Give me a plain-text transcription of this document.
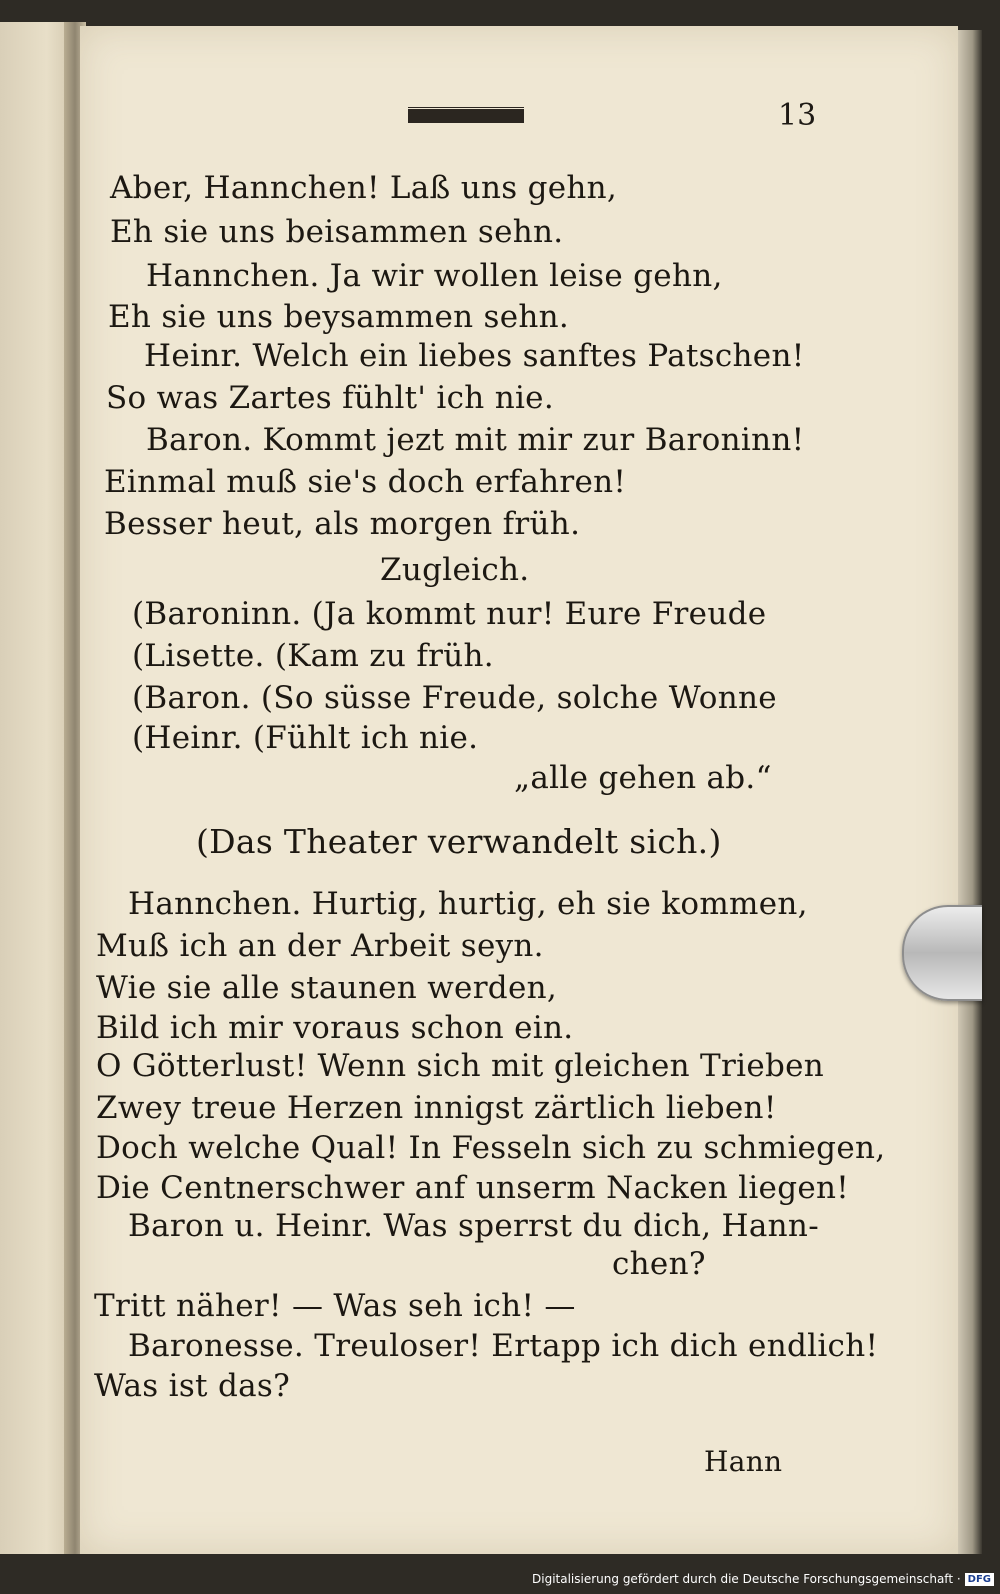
13
Aber, Hannchen! Laß uns gehn,
Eh sie uns beisammen sehn.
Hannchen. Ja wir wollen leise gehn,
Eh sie uns beysammen sehn.
Heinr. Welch ein liebes sanftes Patschen!
So was Zartes fühlt' ich nie.
Baron. Kommt jezt mit mir zur Baroninn!
Einmal muß sie's doch erfahren!
Besser heut, als morgen früh.
Zugleich.
(Baroninn. (Ja kommt nur! Eure Freude
(Lisette. (Kam zu früh.
(Baron. (So süsse Freude, solche Wonne
(Heinr. (Fühlt ich nie.
„alle gehen ab.“
(Das Theater verwandelt sich.)
Hannchen. Hurtig, hurtig, eh sie kommen,
Muß ich an der Arbeit seyn.
Wie sie alle staunen werden,
Bild ich mir voraus schon ein.
O Götterlust! Wenn sich mit gleichen Trieben
Zwey treue Herzen innigst zärtlich lieben!
Doch welche Qual! In Fesseln sich zu schmiegen,
Die Centnerschwer anf unserm Nacken liegen!
Baron u. Heinr. Was sperrst du dich, Hann-
chen?
Tritt näher! — Was seh ich! —
Baronesse. Treuloser! Ertapp ich dich endlich!
Was ist das?
Hann
Digitalisierung gefördert durch die Deutsche Forschungsgemeinschaft · DFG
